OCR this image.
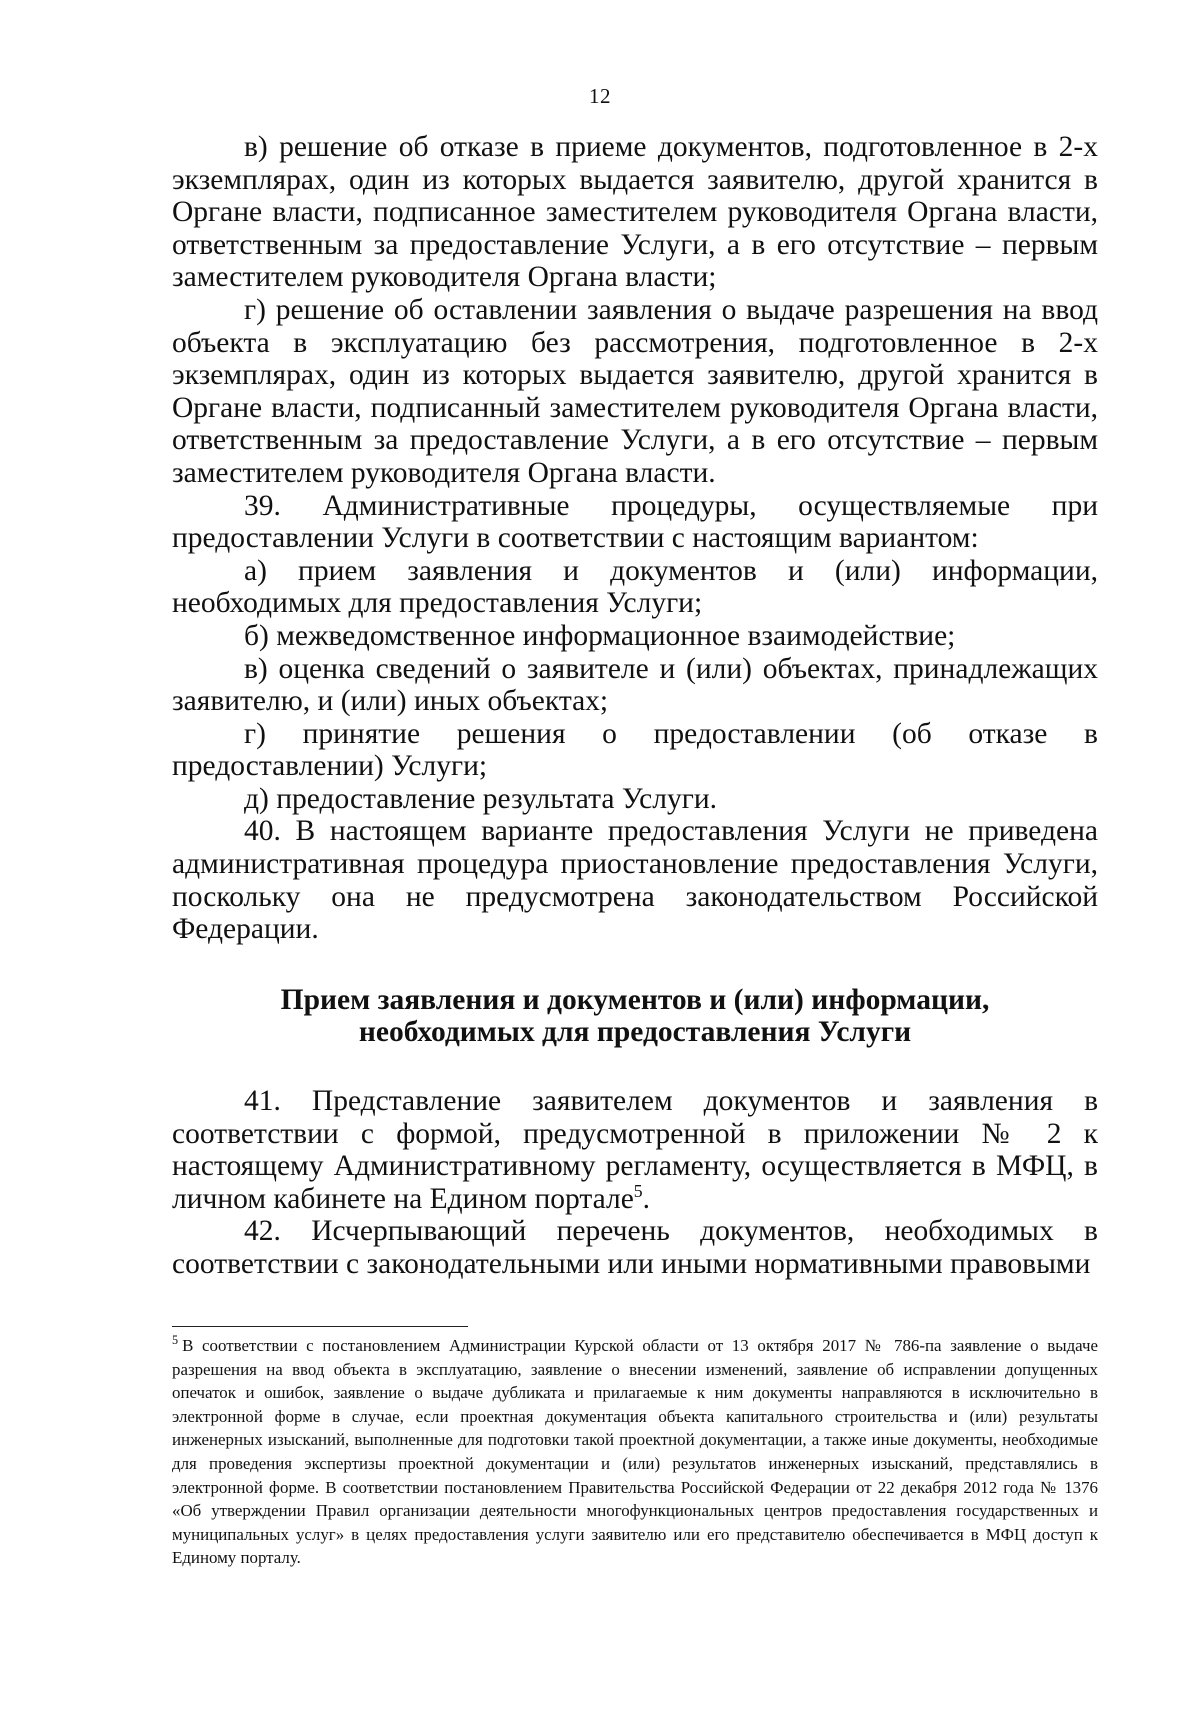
12

в) решение об отказе в приеме документов, подготовленное в 2-х экземплярах, один из которых выдается заявителю, другой хранится в Органе власти, подписанное заместителем руководителя Органа власти, ответственным за предоставление Услуги, а в его отсутствие – первым заместителем руководителя Органа власти;

г) решение об оставлении заявления о выдаче разрешения на ввод объекта в эксплуатацию без рассмотрения, подготовленное в 2-х экземплярах, один из которых выдается заявителю, другой хранится в Органе власти, подписанный заместителем руководителя Органа власти, ответственным за предоставление Услуги, а в его отсутствие – первым заместителем руководителя Органа власти.

39. Административные процедуры, осуществляемые при предоставлении Услуги в соответствии с настоящим вариантом:

а) прием заявления и документов и (или) информации, необходимых для предоставления Услуги;

б) межведомственное информационное взаимодействие;

в) оценка сведений о заявителе и (или) объектах, принадлежащих заявителю, и (или) иных объектах;

г) принятие решения о предоставлении (об отказе в предоставлении) Услуги;

д) предоставление результата Услуги.

40. В настоящем варианте предоставления Услуги не приведена административная процедура приостановление предоставления Услуги, поскольку она не предусмотрена законодательством Российской Федерации.

Прием заявления и документов и (или) информации,
необходимых для предоставления Услуги

41. Представление заявителем документов и заявления в соответствии с формой, предусмотренной в приложении № 2 к настоящему Административному регламенту, осуществляется в МФЦ, в личном кабинете на Едином портале$^5$.

42. Исчерпывающий перечень документов, необходимых в соответствии с законодательными или иными нормативными правовыми

$^5$ В соответствии с постановлением Администрации Курской области от 13 октября 2017 № 786-па заявление о выдаче разрешения на ввод объекта в эксплуатацию, заявление о внесении изменений, заявление об исправлении допущенных опечаток и ошибок, заявление о выдаче дубликата и прилагаемые к ним документы направляются в исключительно в электронной форме в случае, если проектная документация объекта капитального строительства и (или) результаты инженерных изысканий, выполненные для подготовки такой проектной документации, а также иные документы, необходимые для проведения экспертизы проектной документации и (или) результатов инженерных изысканий, представлялись в электронной форме. В соответствии постановлением Правительства Российской Федерации от 22 декабря 2012 года № 1376 «Об утверждении Правил организации деятельности многофункциональных центров предоставления государственных и муниципальных услуг» в целях предоставления услуги заявителю или его представителю обеспечивается в МФЦ доступ к Единому порталу.
